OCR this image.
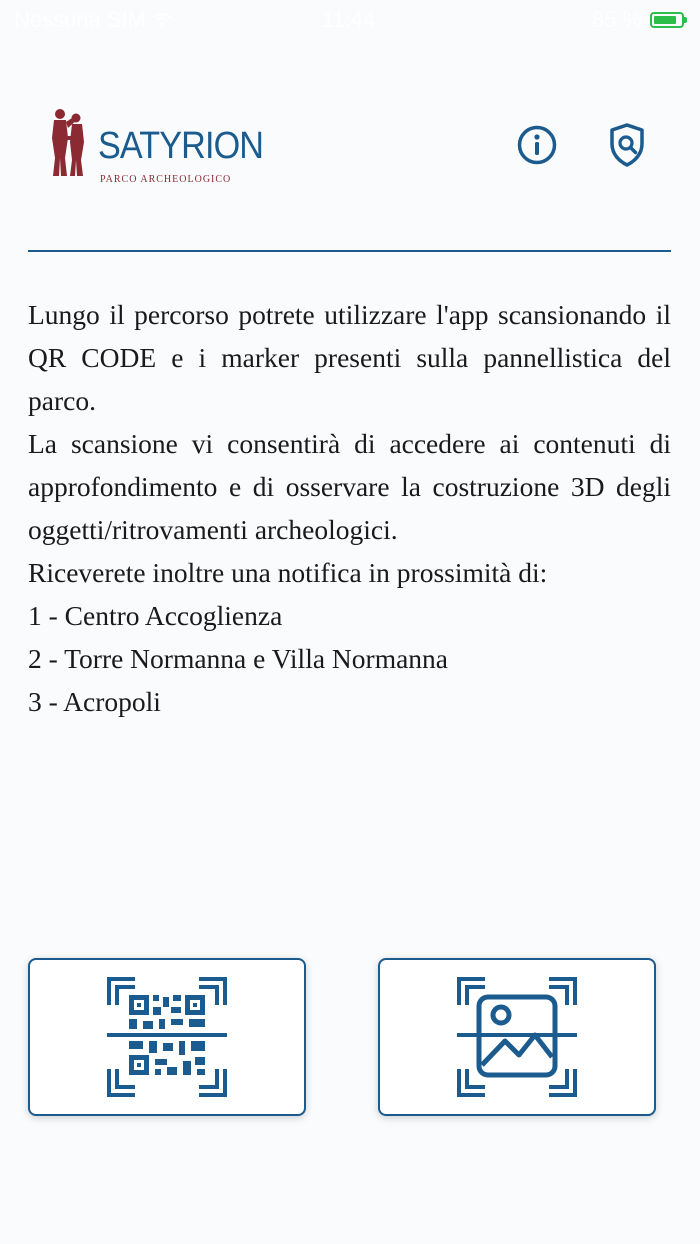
Nessuna SIM	11:44	85 %
SATYRION
PARCO ARCHEOLOGICO

Lungo il percorso potrete utilizzare l'app scansionando il QR CODE e i marker presenti sulla pannellistica del parco.

La scansione vi consentirà di accedere ai contenuti di approfondimento e di osservare la costruzione 3D degli oggetti/ritrovamenti archeologici.

Riceverete inoltre una notifica in prossimità di:

1 - Centro Accoglienza

2 - Torre Normanna e Villa Normanna

3 - Acropoli
